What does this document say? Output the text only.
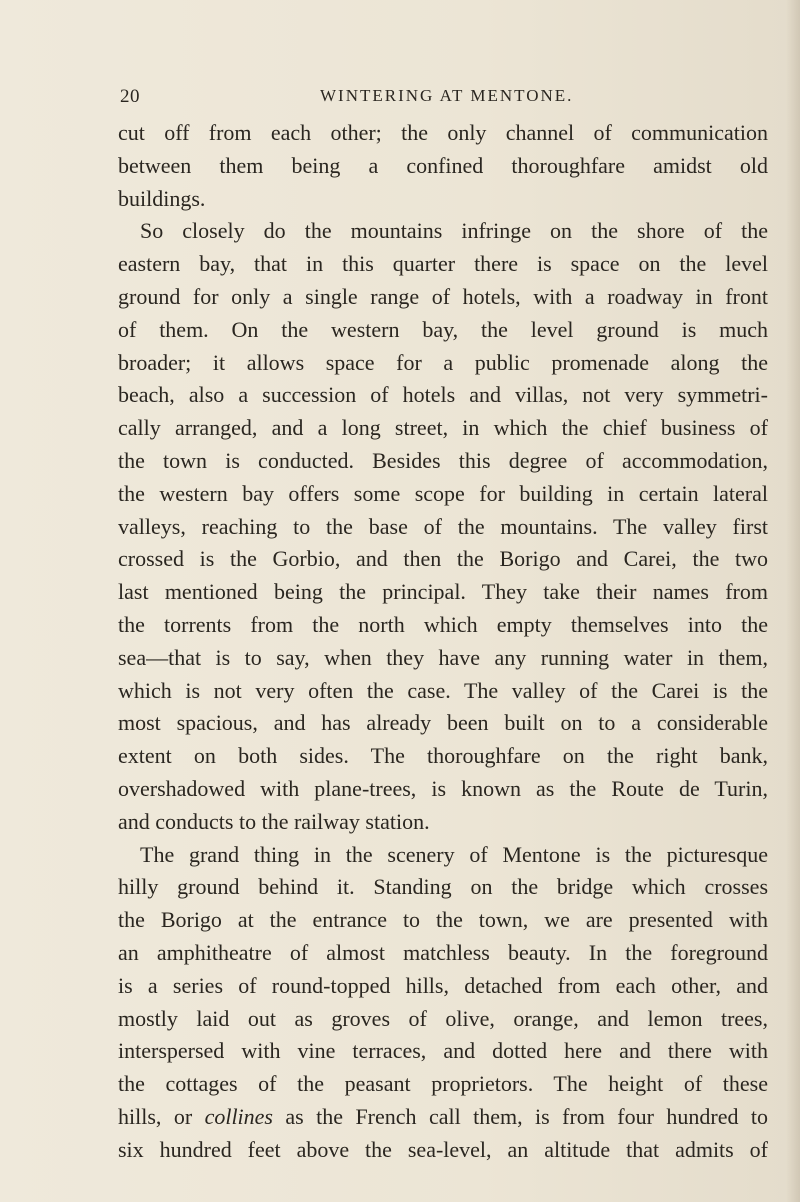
20	WINTERING AT MENTONE.
cut off from each other; the only channel of communication
between them being a confined thoroughfare amidst old
buildings.
So closely do the mountains infringe on the shore of the
eastern bay, that in this quarter there is space on the level
ground for only a single range of hotels, with a roadway in front
of them. On the western bay, the level ground is much
broader; it allows space for a public promenade along the
beach, also a succession of hotels and villas, not very symmetri-
cally arranged, and a long street, in which the chief business of
the town is conducted. Besides this degree of accommodation,
the western bay offers some scope for building in certain lateral
valleys, reaching to the base of the mountains. The valley first
crossed is the Gorbio, and then the Borigo and Carei, the two
last mentioned being the principal. They take their names from
the torrents from the north which empty themselves into the
sea—that is to say, when they have any running water in them,
which is not very often the case. The valley of the Carei is the
most spacious, and has already been built on to a considerable
extent on both sides. The thoroughfare on the right bank,
overshadowed with plane-trees, is known as the Route de Turin,
and conducts to the railway station.
The grand thing in the scenery of Mentone is the picturesque
hilly ground behind it. Standing on the bridge which crosses
the Borigo at the entrance to the town, we are presented with
an amphitheatre of almost matchless beauty. In the foreground
is a series of round-topped hills, detached from each other, and
mostly laid out as groves of olive, orange, and lemon trees,
interspersed with vine terraces, and dotted here and there with
the cottages of the peasant proprietors. The height of these
hills, or collines as the French call them, is from four hundred to
six hundred feet above the sea-level, an altitude that admits of
